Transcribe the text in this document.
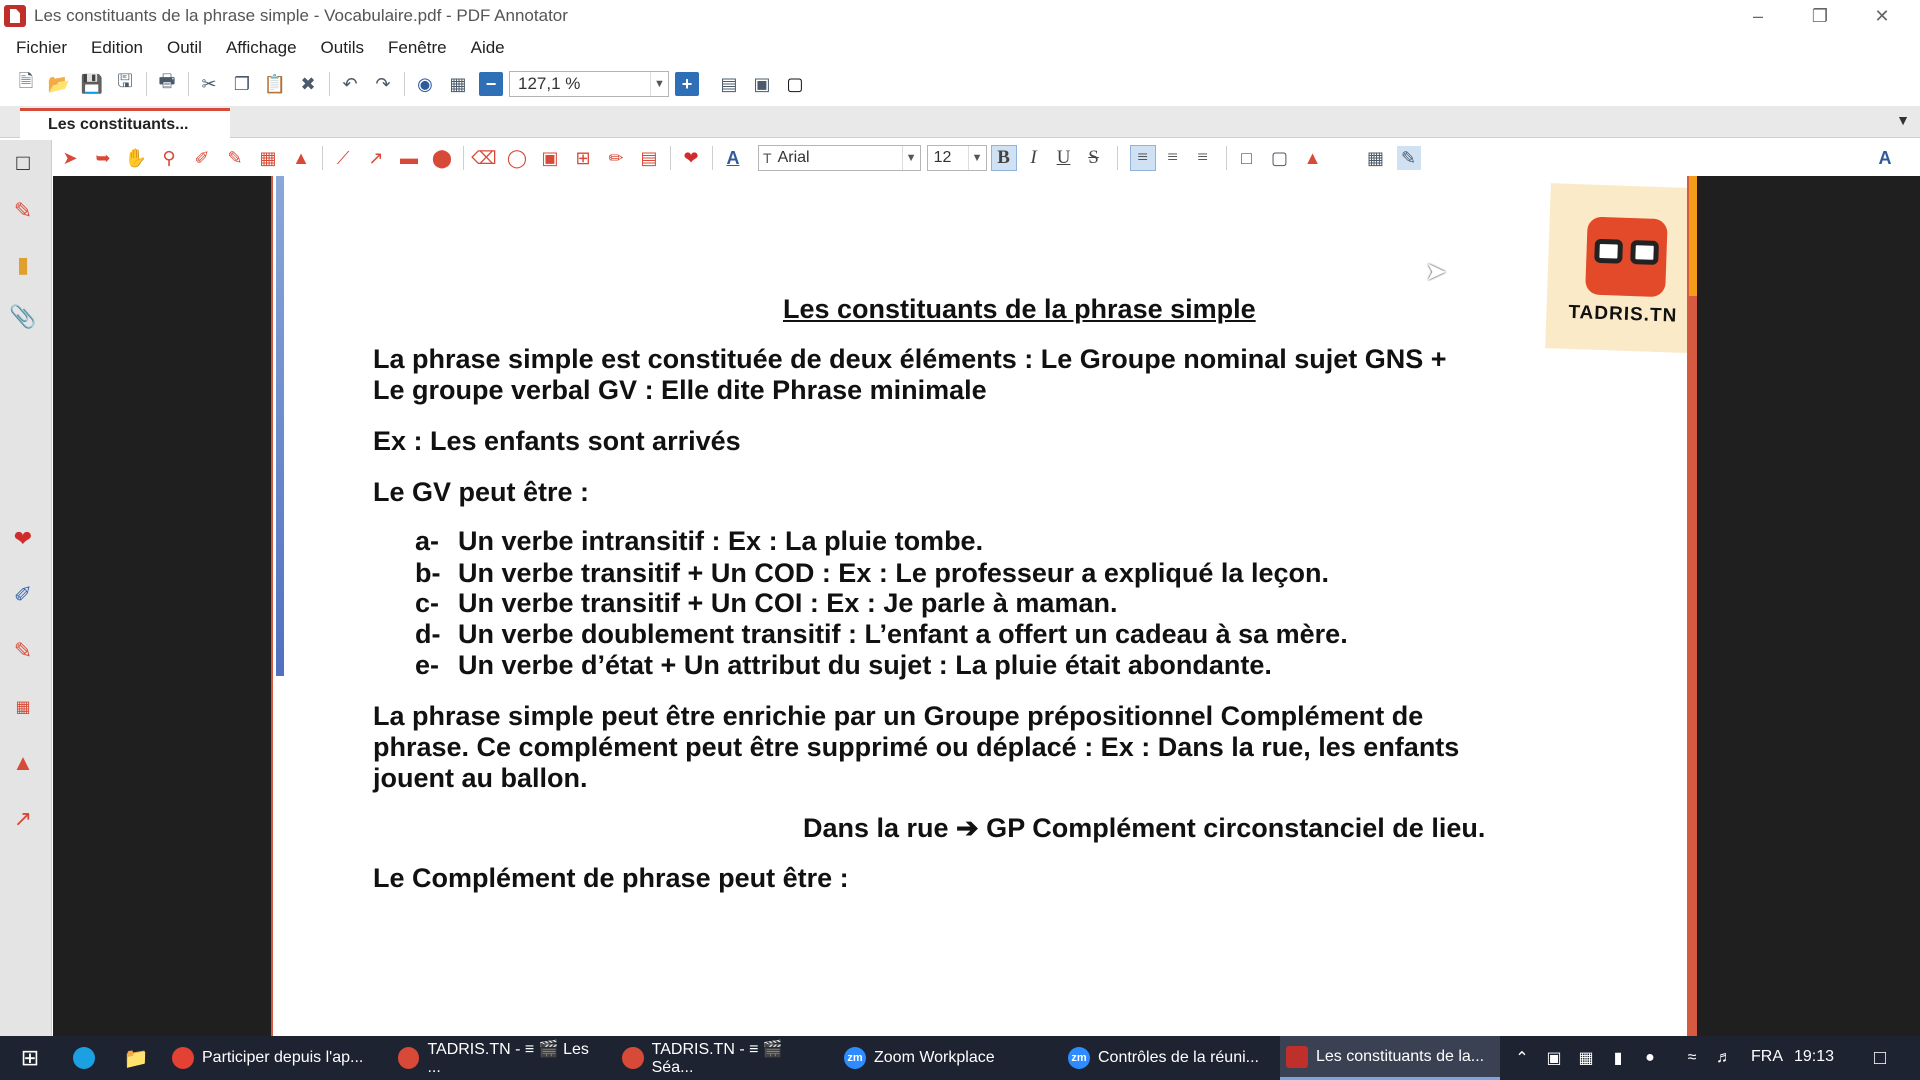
Les constituants de la phrase simple - Vocabulaire.pdf - PDF Annotator	–	❐	✕
Fichier Edition Outil Affichage Outils Fenêtre Aide
🗎 📂 💾 🖫 🖶 ✂ ❐ 📋 ✖ ↶ ↷ ◉ ▦	−	127,1 %	▼ +	▤ ▣ ▢
Les constituants...	▼
□
✎
▮
📎
❤
✐
✎
▦
▲
↗
➤ ➥ ✋ ⚲	✐ ✎ ▦ ▲	⟋	↗ ▬ ⬤ ⌫ ◯ ▣ ⊞ ✏ ▤ ❤	A	T Arial	▼	12	▼ B	I	U S	≡	≡	≡	□	▢ ▲	▦ ✎	A
TADRIS.TN
Les constituants de la phrase simple
La phrase simple est constituée de deux éléments : Le Groupe nominal sujet GNS +
Le groupe verbal GV : Elle dite Phrase minimale
Ex : Les enfants sont arrivés
Le GV peut être :
a- Un verbe intransitif : Ex : La pluie tombe.
b- Un verbe transitif + Un COD : Ex : Le professeur a expliqué la leçon.
c- Un verbe transitif + Un COI : Ex : Je parle à maman.
d- Un verbe doublement transitif : L’enfant a offert un cadeau à sa mère.
e- Un verbe d’état + Un attribut du sujet : La pluie était abondante.
La phrase simple peut être enrichie par un Groupe prépositionnel Complément de
phrase. Ce complément peut être supprimé ou déplacé : Ex : Dans la rue, les enfants
jouent au ballon.
Dans la rue ➔ GP Complément circonstanciel de lieu.
Le Complément de phrase peut être :
➤
⊞	📁	Participer depuis l'ap...	TADRIS.TN - ≡ 🎬 Les ...
TADRIS.TN - ≡ 🎬 Séa...
zm Zoom Workplace	zm Contrôles de la réuni...	Les constituants de la...	⌃	▣ ▦	▮	●	≈	♬ FRA 19:13	□
